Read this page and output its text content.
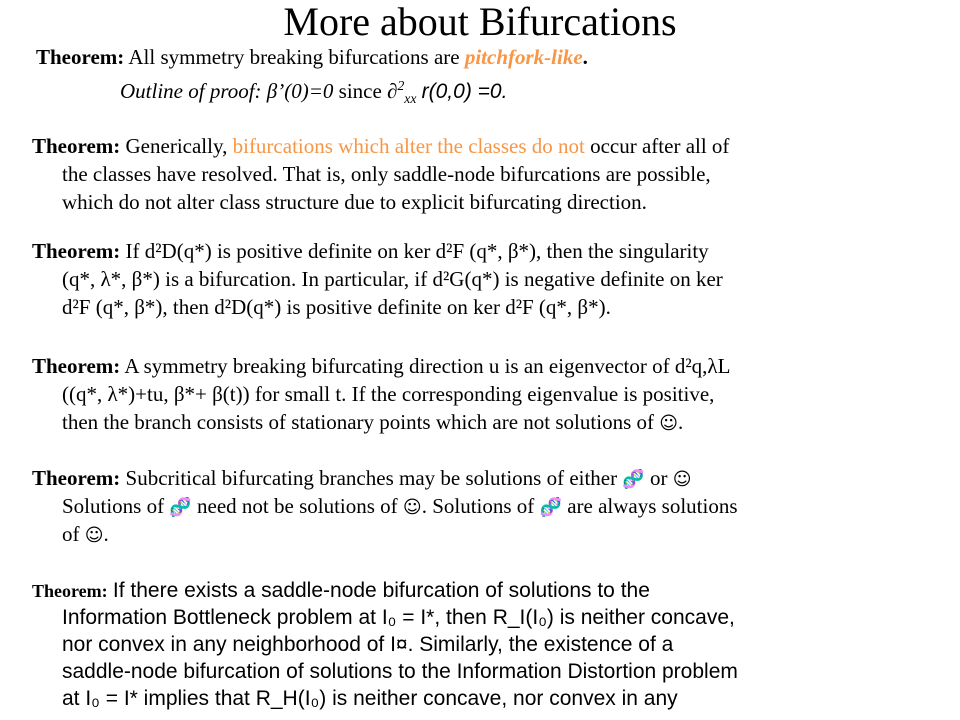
More about Bifurcations
Theorem: All symmetry breaking bifurcations are pitchfork-like.
Outline of proof: β’(0)=0 since ∂$^2_{xx}$ r(0,0) =0.
Theorem: Generically, bifurcations which alter the classes do not occur after all of
the classes have resolved. That is, only saddle-node bifurcations are possible,
which do not alter class structure due to explicit bifurcating direction.
Theorem: If d²D(q*) is positive definite on ker d²F (q*, β*), then the singularity
(q*, λ*, β*) is a bifurcation. In particular, if d²G(q*) is negative definite on ker
d²F (q*, β*), then d²D(q*) is positive definite on ker d²F (q*, β*).
Theorem: A symmetry breaking bifurcating direction u is an eigenvector of d²q,λL
((q*, λ*)+tu, β*+ β(t)) for small t. If the corresponding eigenvalue is positive,
then the branch consists of stationary points which are not solutions of ☺.
Theorem: Subcritical bifurcating branches may be solutions of either 🧬 or ☺
Solutions of 🧬 need not be solutions of ☺. Solutions of 🧬 are always solutions
of ☺.
Theorem: If there exists a saddle-node bifurcation of solutions to the
Information Bottleneck problem at I₀ = I*, then R_I(I₀) is neither concave,
nor convex in any neighborhood of I¤. Similarly, the existence of a
saddle-node bifurcation of solutions to the Information Distortion problem
at I₀ = I* implies that R_H(I₀) is neither concave, nor convex in any
